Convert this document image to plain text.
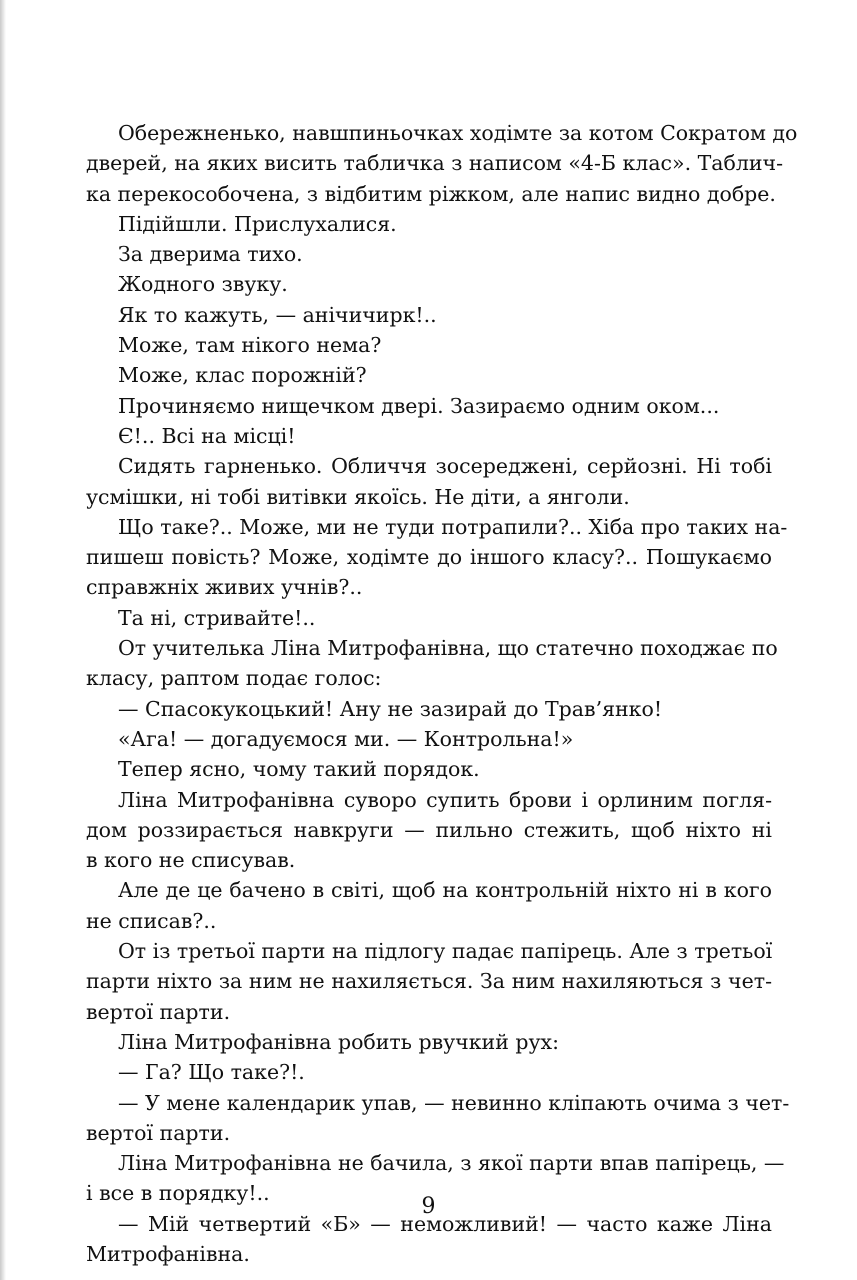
Обережненько, навшпиньочках ходімте за котом Сократом до
дверей, на яких висить табличка з написом «4-Б клас». Таблич-
ка перекособочена, з відбитим ріжком, але напис видно добре.
Підійшли. Прислухалися.
За дверима тихо.
Жодного звуку.
Як то кажуть, — анічичирк!..
Може, там нікого нема?
Може, клас порожній?
Прочиняємо нищечком двері. Зазираємо одним оком...
Є!.. Всі на місці!
Сидять гарненько. Обличчя зосереджені, серйозні. Ні тобі
усмішки, ні тобі витівки якоїсь. Не діти, а янголи.
Що таке?.. Може, ми не туди потрапили?.. Хіба про таких на-
пишеш повість? Може, ходімте до іншого класу?.. Пошукаємо
справжніх живих учнів?..
Та ні, стривайте!..
От учителька Ліна Митрофанівна, що статечно походжає по
класу, раптом подає голос:
— Спасокукоцький! Ану не зазирай до Трав’янко!
«Ага! — догадуємося ми. — Контрольна!»
Тепер ясно, чому такий порядок.
Ліна Митрофанівна суворо супить брови і орлиним погля-
дом роззирається навкруги — пильно стежить, щоб ніхто ні
в кого не списував.
Але де це бачено в світі, щоб на контрольній ніхто ні в кого
не списав?..
От із третьої парти на підлогу падає папірець. Але з третьої
парти ніхто за ним не нахиляється. За ним нахиляються з чет-
вертої парти.
Ліна Митрофанівна робить рвучкий рух:
— Га? Що таке?!.
— У мене календарик упав, — невинно кліпають очима з чет-
вертої парти.
Ліна Митрофанівна не бачила, з якої парти впав папірець, —
і все в порядку!..
— Мій четвертий «Б» — неможливий! — часто каже Ліна
Митрофанівна.
9
